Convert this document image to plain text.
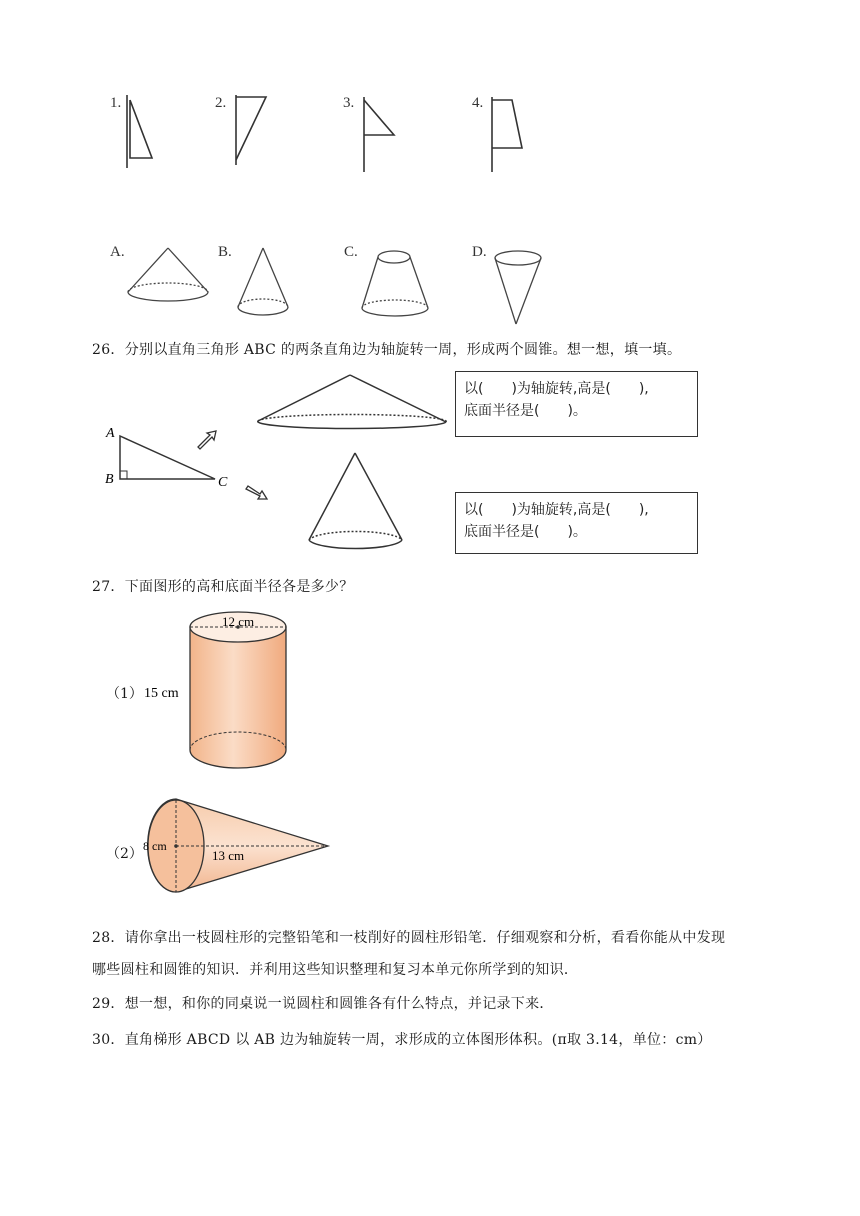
1.	2.	3.	4.
A.	B.	C.	D.
26．分别以直角三角形 ABC 的两条直角边为轴旋转一周，形成两个圆锥。想一想，填一填。
A
B	C
以(　　)为轴旋转,高是(　　),
底面半径是(　　)。
以(　　)为轴旋转,高是(　　),
底面半径是(　　)。
27．下面图形的高和底面半径各是多少？
（1）
（2）
12 cm
15 cm
8 cm
13 cm
28．请你拿出一枝圆柱形的完整铅笔和一枝削好的圆柱形铅笔．仔细观察和分析，看看你能从中发现
哪些圆柱和圆锥的知识．并利用这些知识整理和复习本单元你所学到的知识．
29．想一想，和你的同桌说一说圆柱和圆锥各有什么特点，并记录下来．
30．直角梯形 ABCD 以 AB 边为轴旋转一周，求形成的立体图形体积。(π取 3.14，单位：cm）
